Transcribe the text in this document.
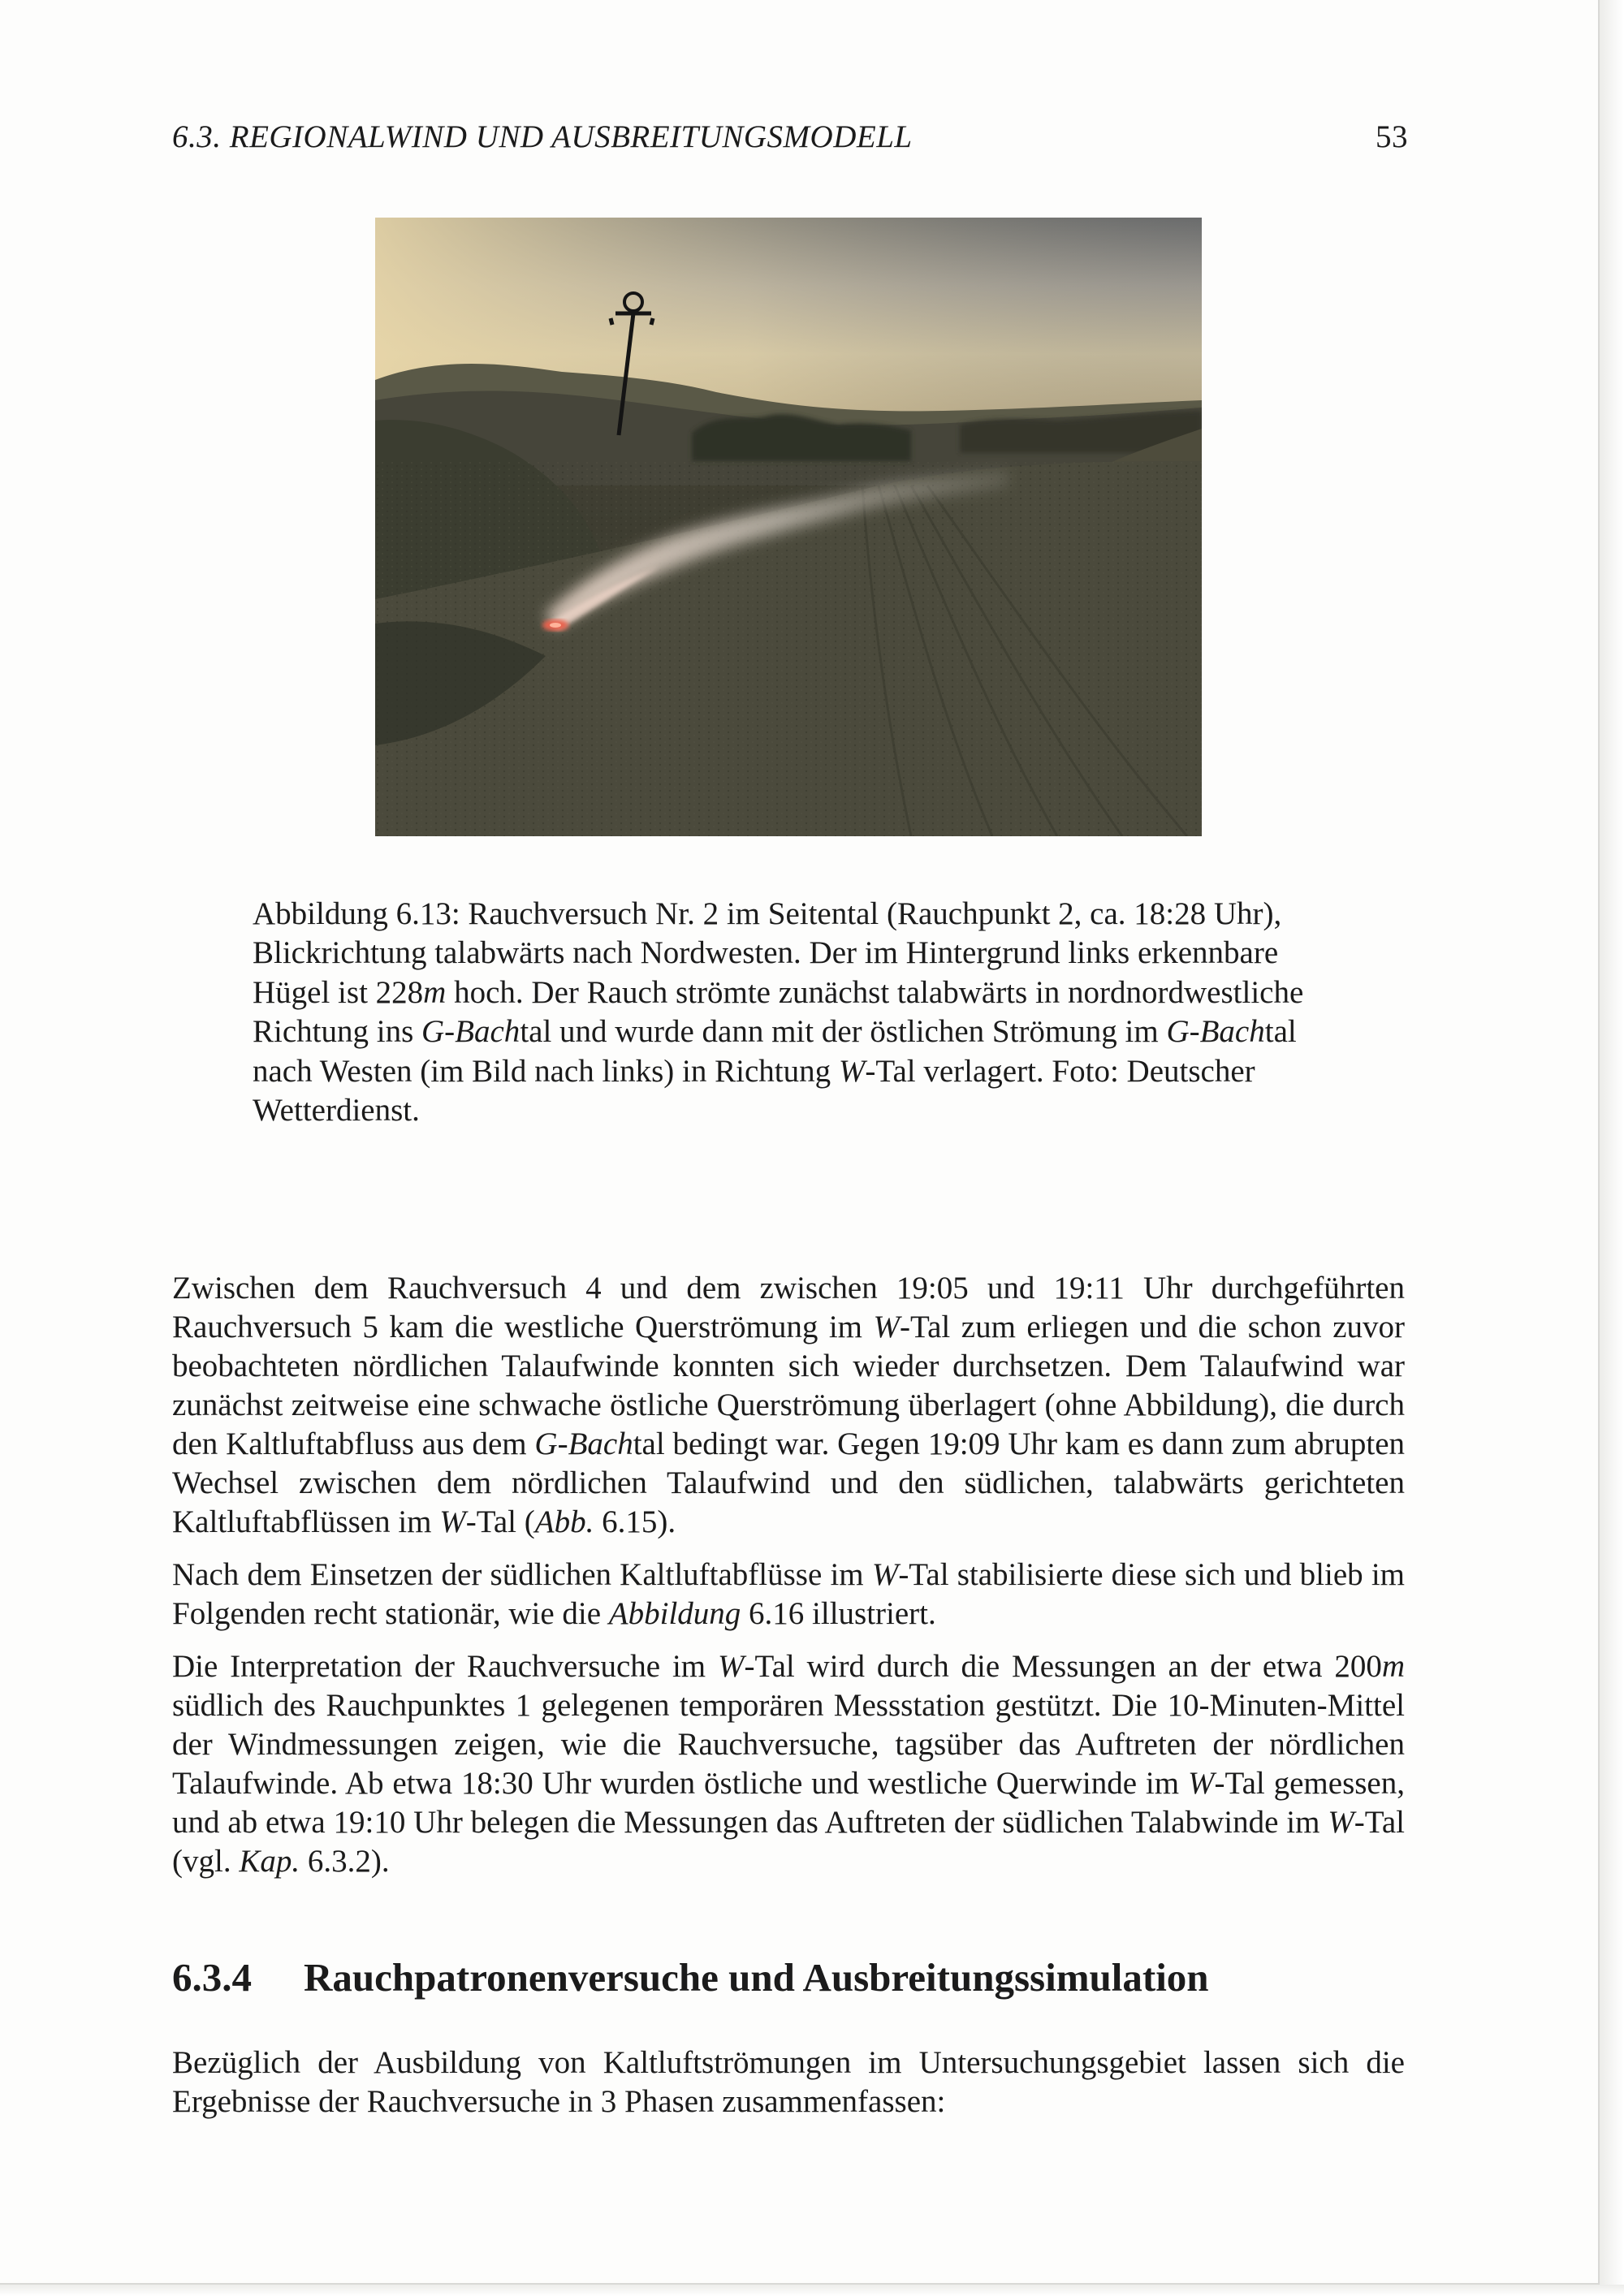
6.3. REGIONALWIND UND AUSBREITUNGSMODELL	53

Abbildung 6.13: Rauchversuch Nr. 2 im Seitental (Rauchpunkt 2, ca. 18:28 Uhr), Blickrichtung talabwärts nach Nordwesten. Der im Hintergrund links erkennbare Hügel ist 228m hoch. Der Rauch strömte zunächst talabwärts in nordnordwestliche Richtung ins G-Bachtal und wurde dann mit der östlichen Strömung im G-Bachtal nach Westen (im Bild nach links) in Richtung W-Tal verlagert. Foto: Deutscher Wetterdienst.

Zwischen dem Rauchversuch 4 und dem zwischen 19:05 und 19:11 Uhr durchgeführten Rauchversuch 5 kam die westliche Querströmung im W-Tal zum erliegen und die schon zuvor beobachteten nördlichen Talaufwinde konnten sich wieder durchsetzen. Dem Talaufwind war zunächst zeitweise eine schwache östliche Querströmung überlagert (ohne Abbildung), die durch den Kaltluftabfluss aus dem G-Bachtal bedingt war. Gegen 19:09 Uhr kam es dann zum abrupten Wechsel zwischen dem nördlichen Talaufwind und den südlichen, talabwärts gerichteten Kaltluftabflüssen im W-Tal (Abb. 6.15).

Nach dem Einsetzen der südlichen Kaltluftabflüsse im W-Tal stabilisierte diese sich und blieb im Folgenden recht stationär, wie die Abbildung 6.16 illustriert.

Die Interpretation der Rauchversuche im W-Tal wird durch die Messungen an der etwa 200m südlich des Rauchpunktes 1 gelegenen temporären Messstation gestützt. Die 10-Minuten-Mittel der Windmessungen zeigen, wie die Rauchversuche, tagsüber das Auftreten der nördlichen Talaufwinde. Ab etwa 18:30 Uhr wurden östliche und westliche Querwinde im W-Tal gemessen, und ab etwa 19:10 Uhr belegen die Messungen das Auftreten der südlichen Talabwinde im W-Tal (vgl. Kap. 6.3.2).

6.3.4 Rauchpatronenversuche und Ausbreitungssimulation

Bezüglich der Ausbildung von Kaltluftströmungen im Untersuchungsgebiet lassen sich die Ergebnisse der Rauchversuche in 3 Phasen zusammenfassen:
